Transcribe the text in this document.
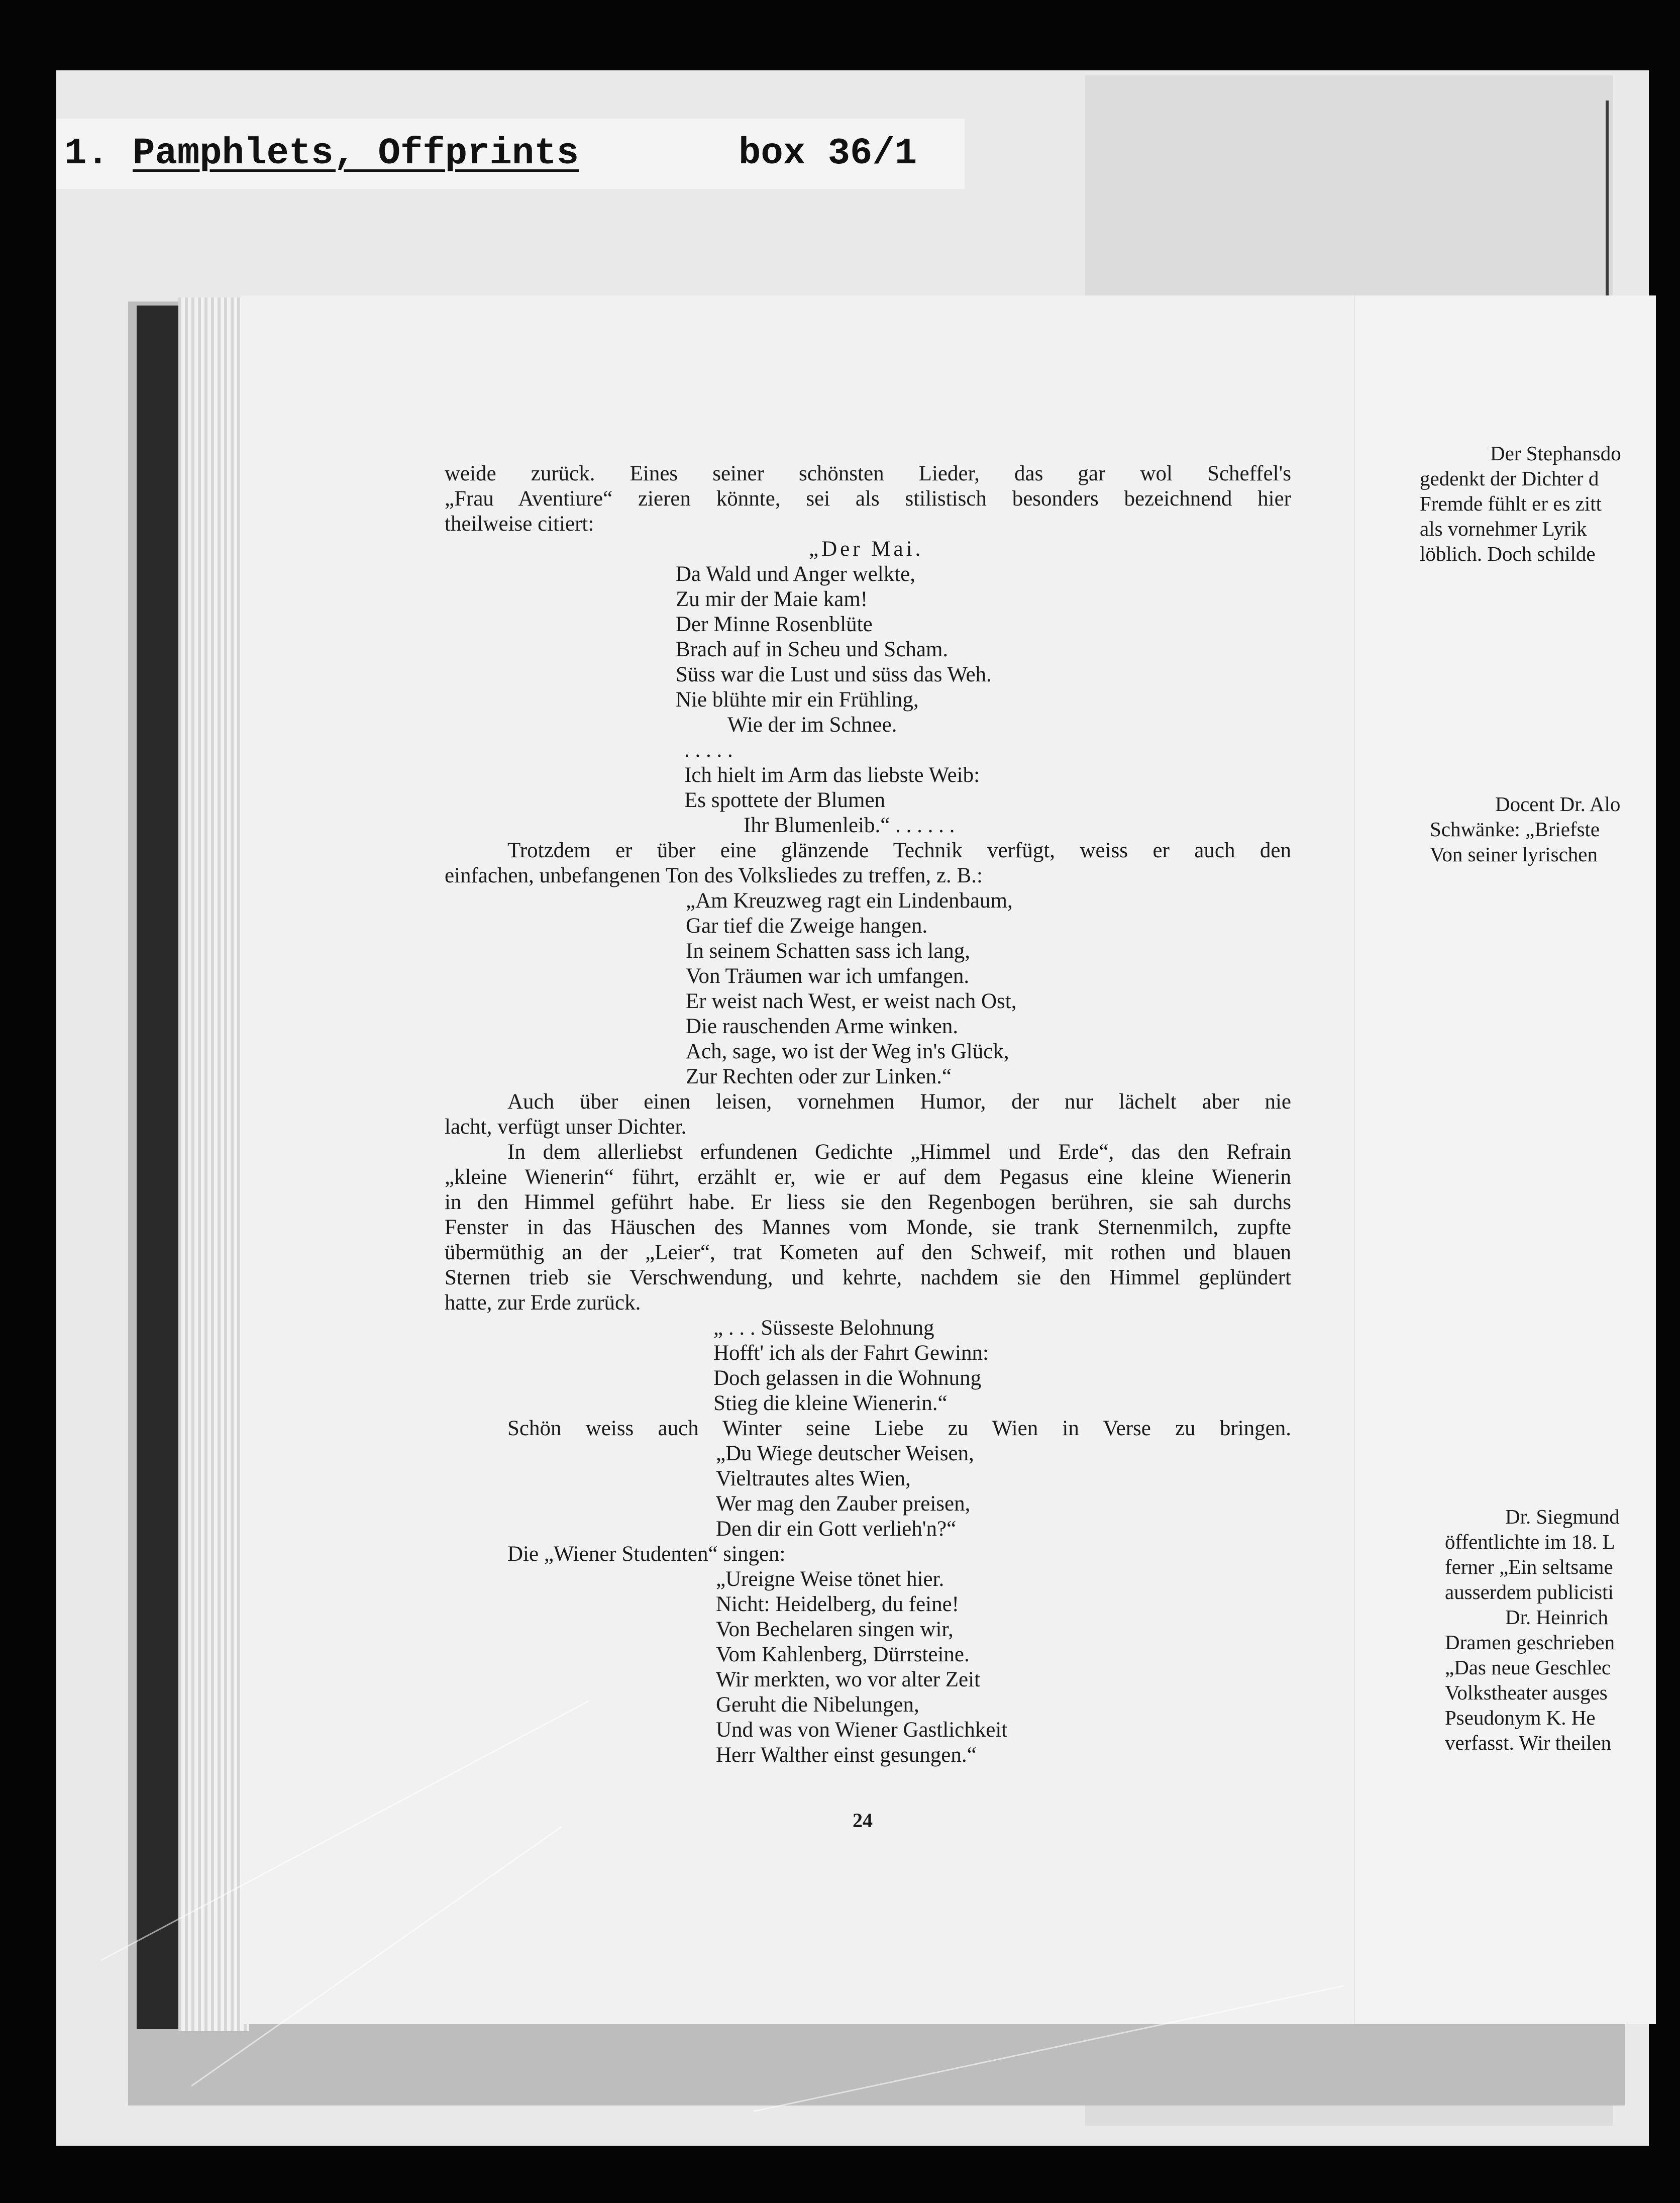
1. Pamphlets, Offprints	box 36/1
Der Stephansdo
gedenkt der Dichter d
Fremde fühlt er es zitt
als vornehmer Lyrik
löblich. Doch schilde
Docent Dr. Alo
Schwänke: „Briefste
Von seiner lyrischen
Dr. Siegmund
öffentlichte im 18. L
ferner „Ein seltsame
ausserdem publicisti
Dr. Heinrich
Dramen geschrieben
„Das neue Geschlec
Volkstheater ausges
Pseudonym K. He
verfasst. Wir theilen
weide zurück. Eines seiner schönsten Lieder, das gar wol Scheffel's
„Frau Aventiure“ zieren könnte, sei als stilistisch besonders bezeichnend hier
theilweise citiert:
„Der Mai.
Da Wald und Anger welkte,
Zu mir der Maie kam!
Der Minne Rosenblüte
Brach auf in Scheu und Scham.
Süss war die Lust und süss das Weh.
Nie blühte mir ein Frühling,
Wie der im Schnee.
. . . . .
Ich hielt im Arm das liebste Weib:
Es spottete der Blumen
Ihr Blumenleib.“ . . . . . .
Trotzdem er über eine glänzende Technik verfügt, weiss er auch den
einfachen, unbefangenen Ton des Volksliedes zu treffen, z. B.:
„Am Kreuzweg ragt ein Lindenbaum,
Gar tief die Zweige hangen.
In seinem Schatten sass ich lang,
Von Träumen war ich umfangen.
Er weist nach West, er weist nach Ost,
Die rauschenden Arme winken.
Ach, sage, wo ist der Weg in's Glück,
Zur Rechten oder zur Linken.“
Auch über einen leisen, vornehmen Humor, der nur lächelt aber nie
lacht, verfügt unser Dichter.
In dem allerliebst erfundenen Gedichte „Himmel und Erde“, das den Refrain
„kleine Wienerin“ führt, erzählt er, wie er auf dem Pegasus eine kleine Wienerin
in den Himmel geführt habe. Er liess sie den Regenbogen berühren, sie sah durchs
Fenster in das Häuschen des Mannes vom Monde, sie trank Sternenmilch, zupfte
übermüthig an der „Leier“, trat Kometen auf den Schweif, mit rothen und blauen
Sternen trieb sie Verschwendung, und kehrte, nachdem sie den Himmel geplündert
hatte, zur Erde zurück.
„ . . . Süsseste Belohnung
Hofft' ich als der Fahrt Gewinn:
Doch gelassen in die Wohnung
Stieg die kleine Wienerin.“
Schön weiss auch Winter seine Liebe zu Wien in Verse zu bringen.
„Du Wiege deutscher Weisen,
Vieltrautes altes Wien,
Wer mag den Zauber preisen,
Den dir ein Gott verlieh'n?“
Die „Wiener Studenten“ singen:
„Ureigne Weise tönet hier.
Nicht: Heidelberg, du feine!
Von Bechelaren singen wir,
Vom Kahlenberg, Dürrsteine.
Wir merkten, wo vor alter Zeit
Geruht die Nibelungen,
Und was von Wiener Gastlichkeit
Herr Walther einst gesungen.“
24
